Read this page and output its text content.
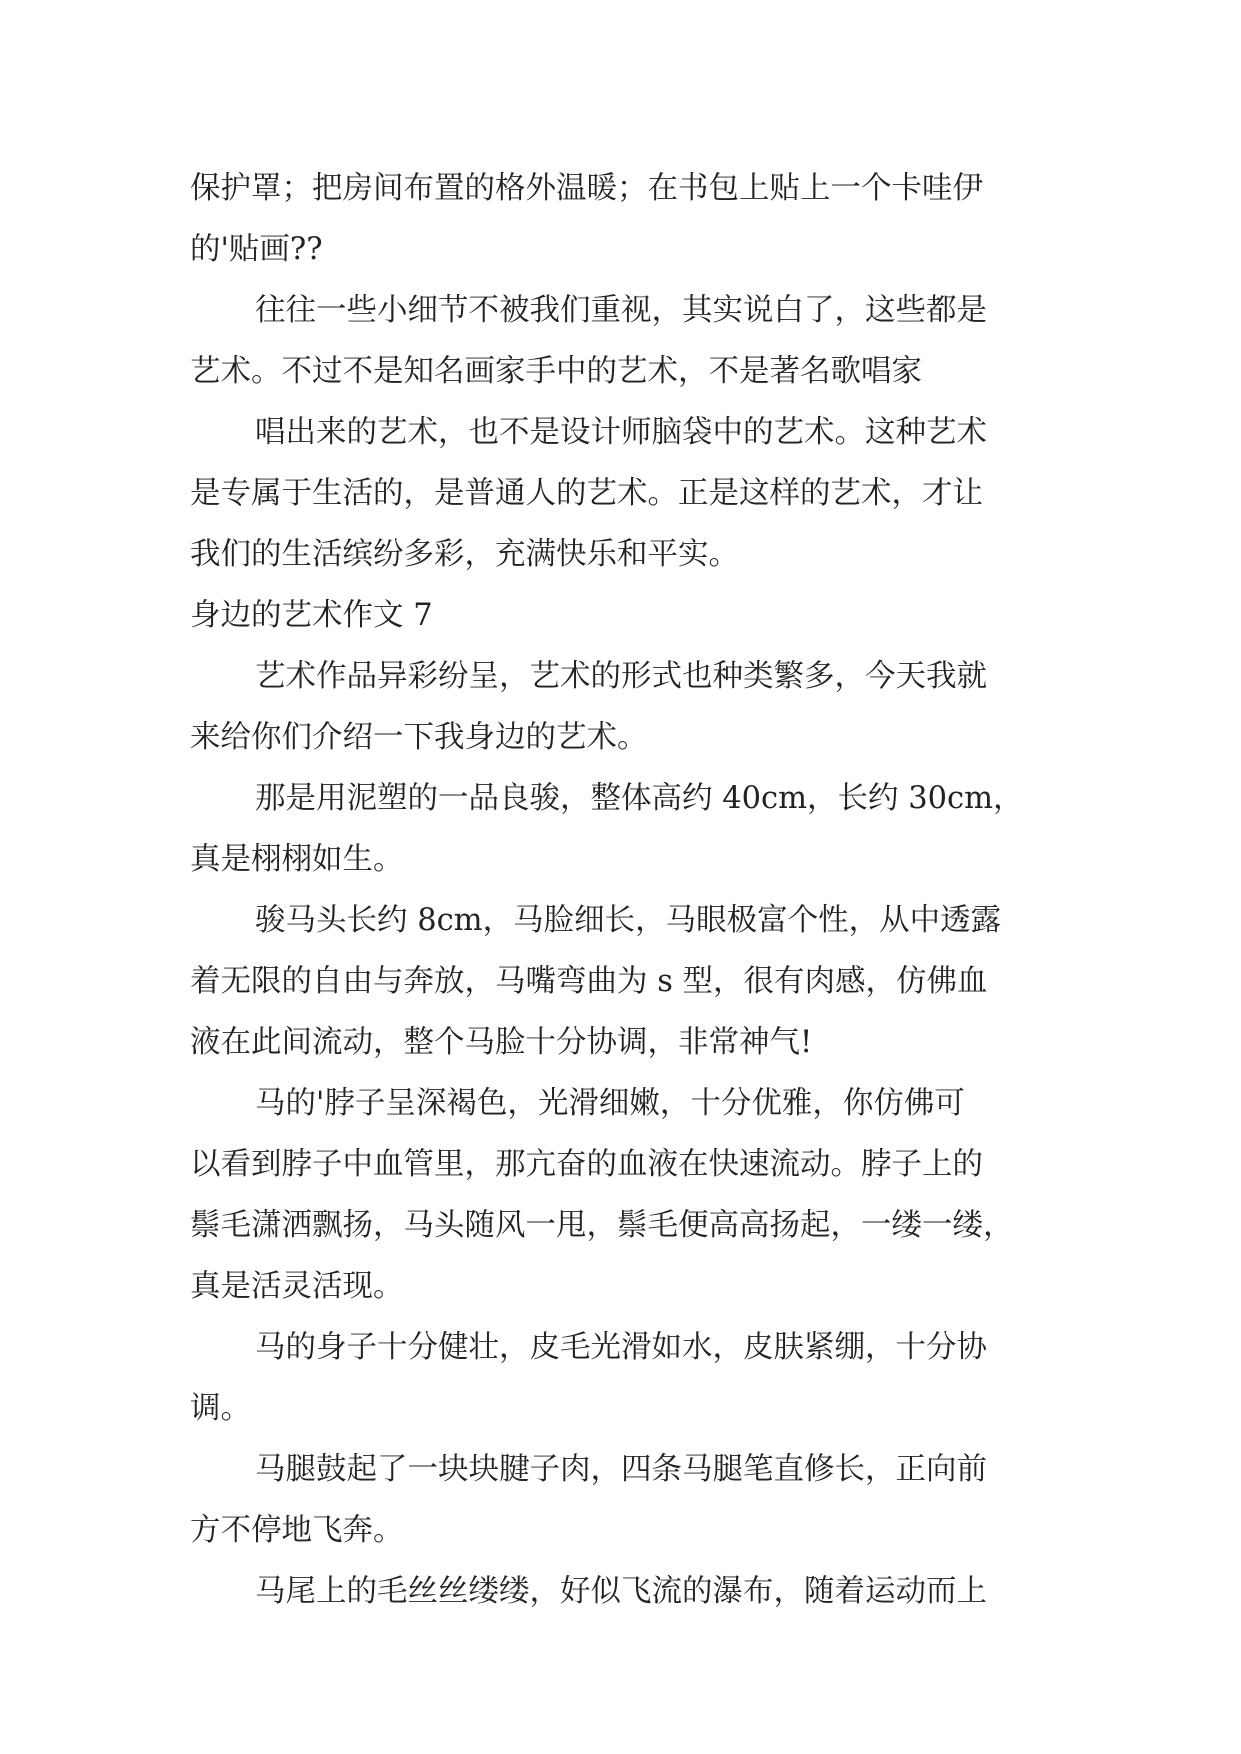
保护罩；把房间布置的格外温暖；在书包上贴上一个卡哇伊
的'贴画??
往往一些小细节不被我们重视，其实说白了，这些都是
艺术。不过不是知名画家手中的艺术，不是著名歌唱家
唱出来的艺术，也不是设计师脑袋中的艺术。这种艺术
是专属于生活的，是普通人的艺术。正是这样的艺术，才让
我们的生活缤纷多彩，充满快乐和平实。
身边的艺术作文 7
艺术作品异彩纷呈，艺术的形式也种类繁多，今天我就
来给你们介绍一下我身边的艺术。
那是用泥塑的一品良骏，整体高约 40cm，长约 30cm，
真是栩栩如生。
骏马头长约 8cm，马脸细长，马眼极富个性，从中透露
着无限的自由与奔放，马嘴弯曲为 s 型，很有肉感，仿佛血
液在此间流动，整个马脸十分协调，非常神气!
马的'脖子呈深褐色，光滑细嫩，十分优雅，你仿佛可
以看到脖子中血管里，那亢奋的血液在快速流动。脖子上的
鬃毛潇洒飘扬，马头随风一甩，鬃毛便高高扬起，一缕一缕，
真是活灵活现。
马的身子十分健壮，皮毛光滑如水，皮肤紧绷，十分协
调。
马腿鼓起了一块块腱子肉，四条马腿笔直修长，正向前
方不停地飞奔。
马尾上的毛丝丝缕缕，好似飞流的瀑布，随着运动而上
